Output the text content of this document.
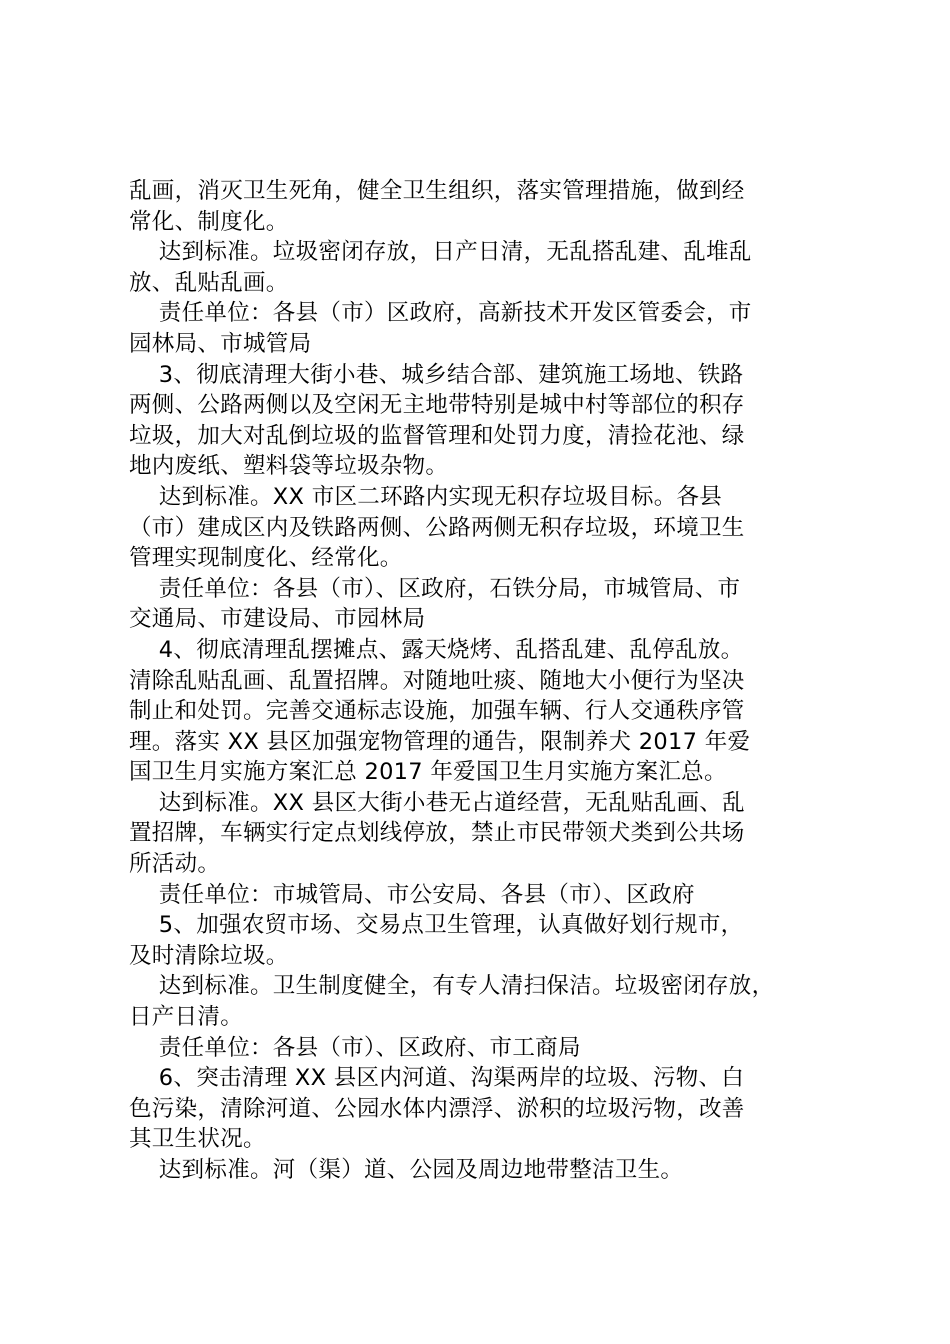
乱画，消灭卫生死角，健全卫生组织，落实管理措施，做到经
常化、制度化。
达到标准。垃圾密闭存放，日产日清，无乱搭乱建、乱堆乱
放、乱贴乱画。
责任单位：各县（市）区政府，高新技术开发区管委会，市
园林局、市城管局
3、彻底清理大街小巷、城乡结合部、建筑施工场地、铁路
两侧、公路两侧以及空闲无主地带特别是城中村等部位的积存
垃圾，加大对乱倒垃圾的监督管理和处罚力度，清捡花池、绿
地内废纸、塑料袋等垃圾杂物。
达到标准。XX 市区二环路内实现无积存垃圾目标。各县
（市）建成区内及铁路两侧、公路两侧无积存垃圾，环境卫生
管理实现制度化、经常化。
责任单位：各县（市）、区政府，石铁分局，市城管局、市
交通局、市建设局、市园林局
4、彻底清理乱摆摊点、露天烧烤、乱搭乱建、乱停乱放。
清除乱贴乱画、乱置招牌。对随地吐痰、随地大小便行为坚决
制止和处罚。完善交通标志设施，加强车辆、行人交通秩序管
理。落实 XX 县区加强宠物管理的通告，限制养犬 2017 年爱
国卫生月实施方案汇总 2017 年爱国卫生月实施方案汇总。
达到标准。XX 县区大街小巷无占道经营，无乱贴乱画、乱
置招牌，车辆实行定点划线停放，禁止市民带领犬类到公共场
所活动。
责任单位：市城管局、市公安局、各县（市）、区政府
5、加强农贸市场、交易点卫生管理，认真做好划行规市，
及时清除垃圾。
达到标准。卫生制度健全，有专人清扫保洁。垃圾密闭存放，
日产日清。
责任单位：各县（市）、区政府、市工商局
6、突击清理 XX 县区内河道、沟渠两岸的垃圾、污物、白
色污染，清除河道、公园水体内漂浮、淤积的垃圾污物，改善
其卫生状况。
达到标准。河（渠）道、公园及周边地带整洁卫生。
